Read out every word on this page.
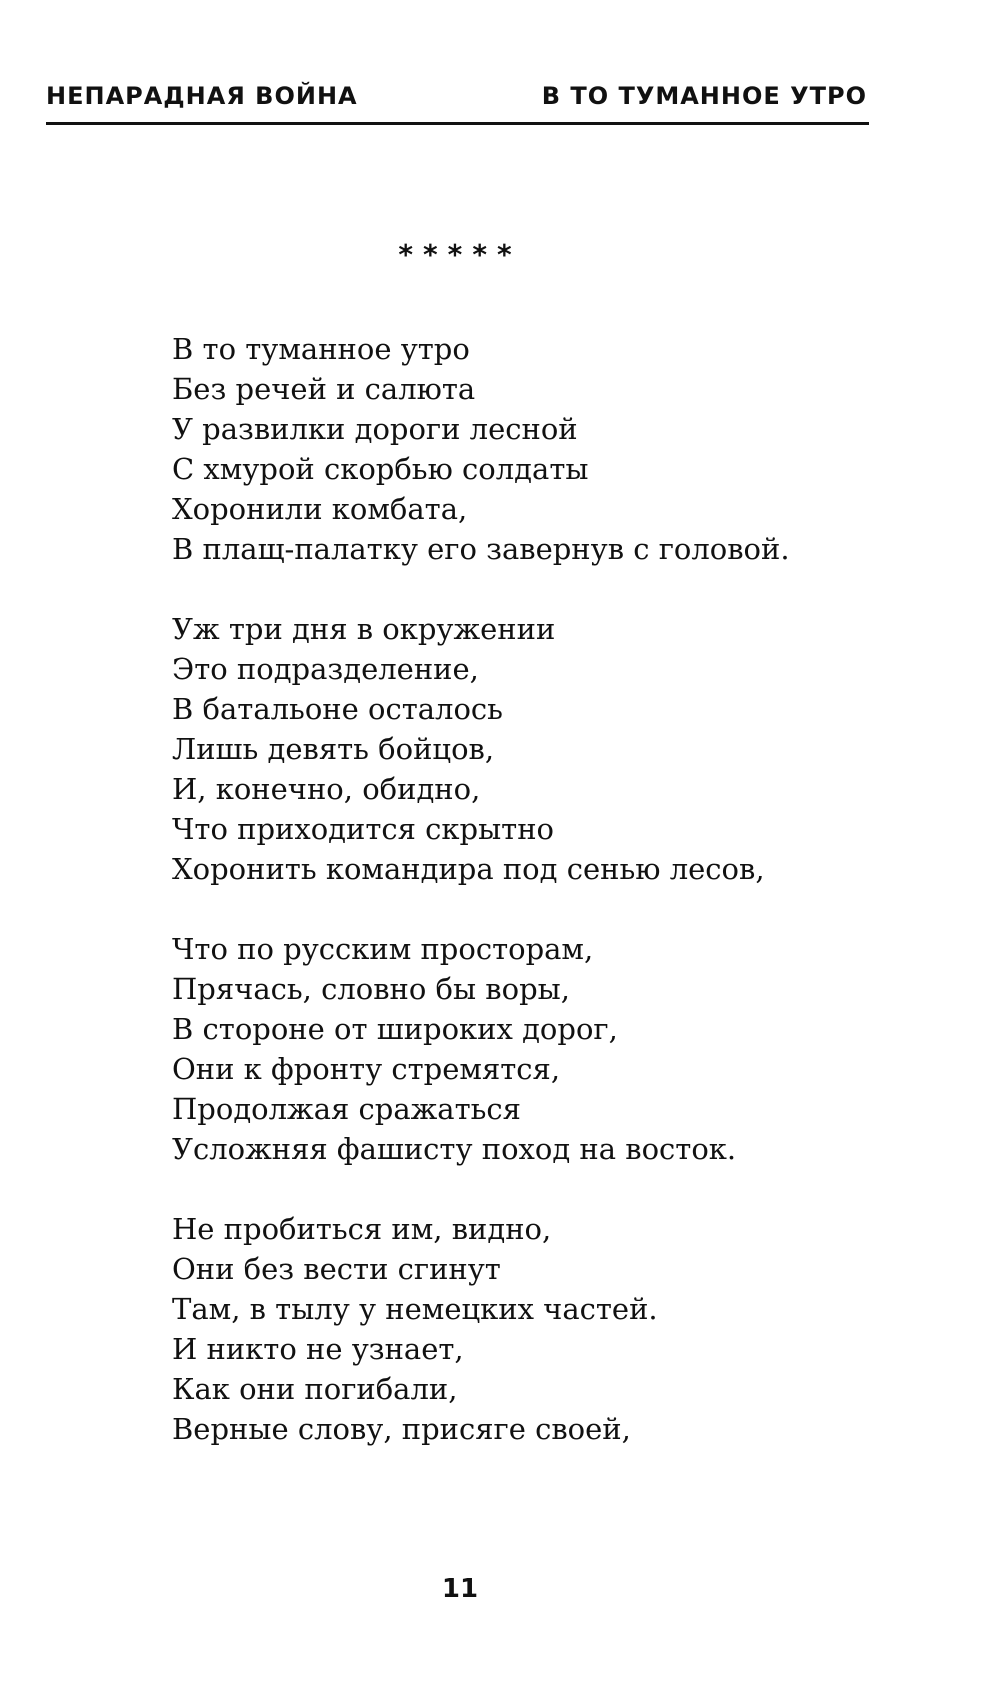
НЕПАРАДНАЯ ВОЙНА	В ТО ТУМАННОЕ УТРО
*****
В то туманное утро
Без речей и салюта
У развилки дороги лесной
С хмурой скорбью солдаты
Хоронили комбата,
В плащ-палатку его завернув с головой.
Уж три дня в окружении
Это подразделение,
В батальоне осталось
Лишь девять бойцов,
И, конечно, обидно,
Что приходится скрытно
Хоронить командира под сенью лесов,
Что по русским просторам,
Прячась, словно бы воры,
В стороне от широких дорог,
Они к фронту стремятся,
Продолжая сражаться
Усложняя фашисту поход на восток.
Не пробиться им, видно,
Они без вести сгинут
Там, в тылу у немецких частей.
И никто не узнает,
Как они погибали,
Верные слову, присяге своей,
11
